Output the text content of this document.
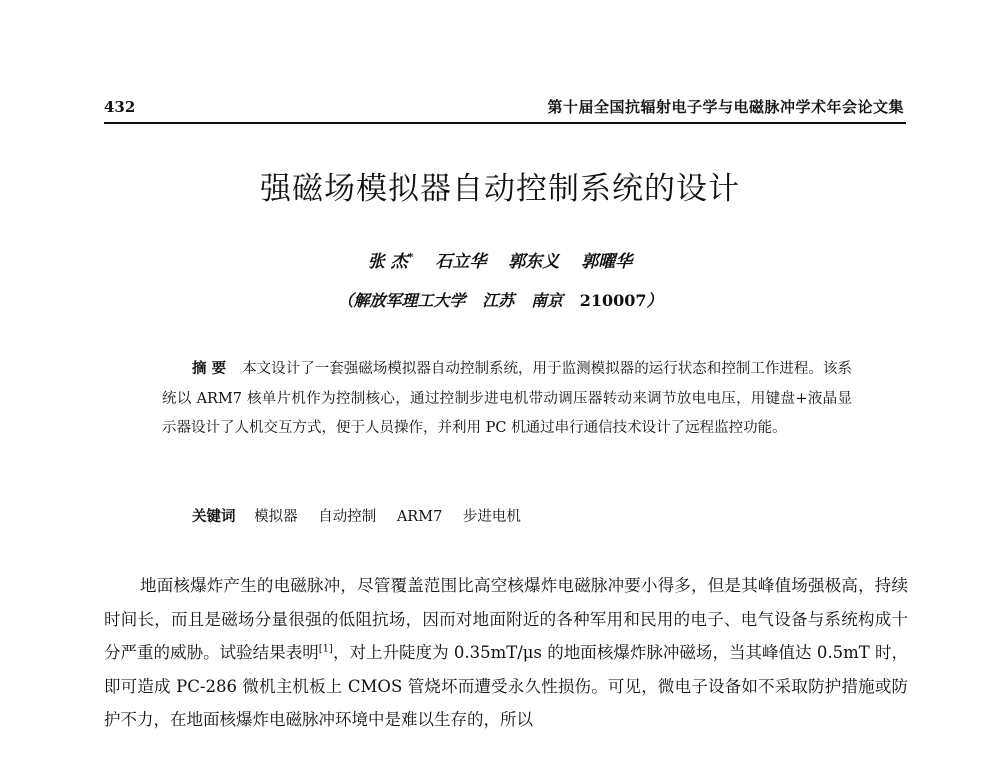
432	第十届全国抗辐射电子学与电磁脉冲学术年会论文集
强磁场模拟器自动控制系统的设计
张 杰* 石立华 郭东义 郭曜华
（解放军理工大学 江苏 南京 210007）
摘 要 本文设计了一套强磁场模拟器自动控制系统，用于监测模拟器的运行状态和控制工作进程。该系统以 ARM7 核单片机作为控制核心，通过控制步进电机带动调压器转动来调节放电电压，用键盘+液晶显示器设计了人机交互方式，便于人员操作，并利用 PC 机通过串行通信技术设计了远程监控功能。
关键词 模拟器 自动控制 ARM7 步进电机
地面核爆炸产生的电磁脉冲，尽管覆盖范围比高空核爆炸电磁脉冲要小得多，但是其峰值场强极高，持续时间长，而且是磁场分量很强的低阻抗场，因而对地面附近的各种军用和民用的电子、电气设备与系统构成十分严重的威胁。试验结果表明[1]，对上升陡度为 0.35mT/μs 的地面核爆炸脉冲磁场，当其峰值达 0.5mT 时，即可造成 PC-286 微机主机板上 CMOS 管烧坏而遭受永久性损伤。可见，微电子设备如不采取防护措施或防护不力，在地面核爆炸电磁脉冲环境中是难以生存的，所以
